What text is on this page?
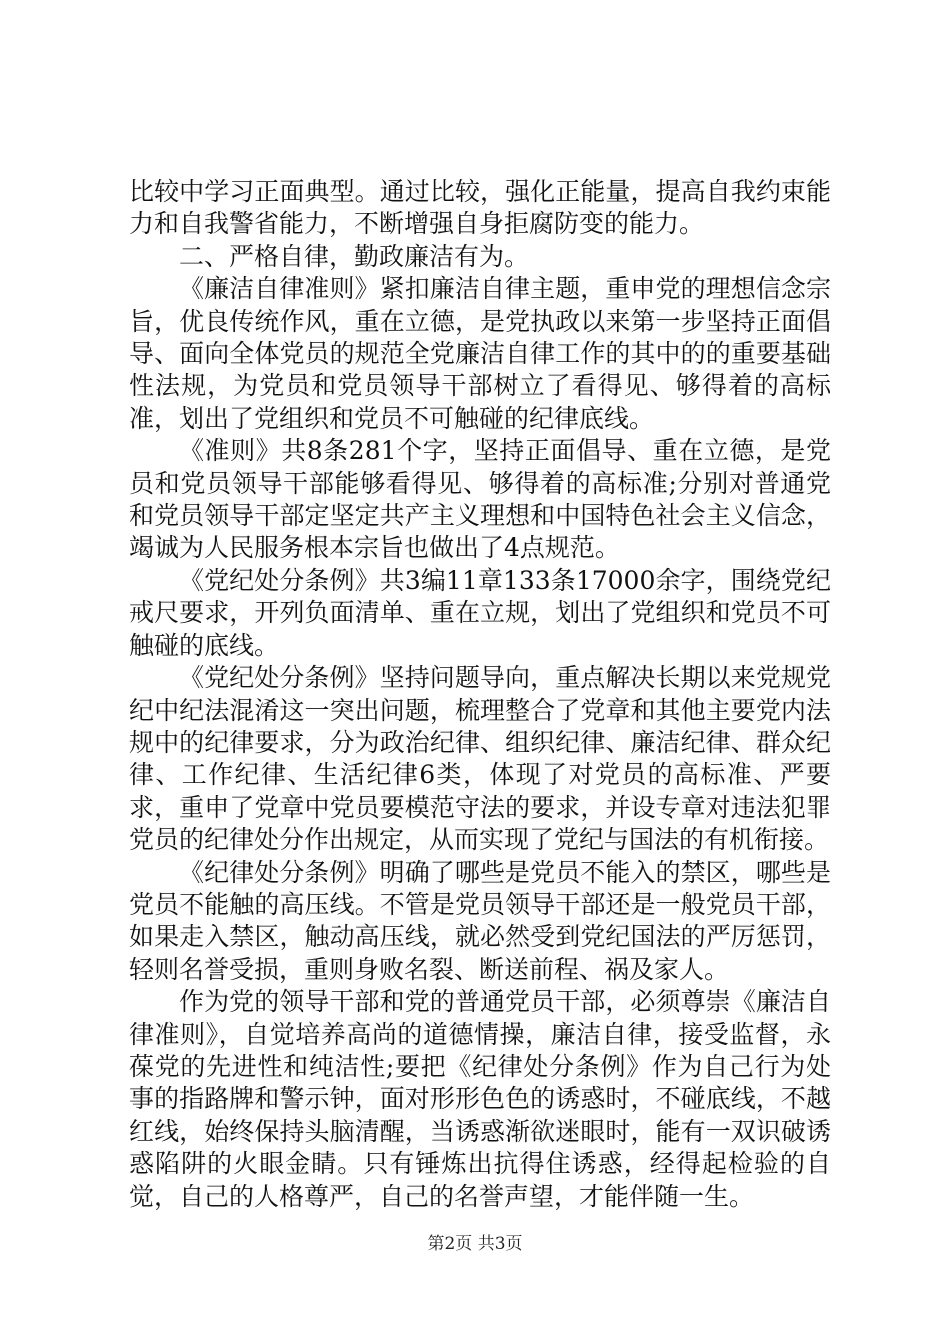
比较中学习正面典型。通过比较，强化正能量，提高自我约束能力和自我警省能力，不断增强自身拒腐防变的能力。

二、严格自律，勤政廉洁有为。

《廉洁自律准则》紧扣廉洁自律主题，重申党的理想信念宗旨，优良传统作风，重在立德，是党执政以来第一步坚持正面倡导、面向全体党员的规范全党廉洁自律工作的其中的的重要基础性法规，为党员和党员领导干部树立了看得见、够得着的高标准，划出了党组织和党员不可触碰的纪律底线。

《准则》共8条281个字，坚持正面倡导、重在立德，是党员和党员领导干部能够看得见、够得着的高标准;分别对普通党和党员领导干部定坚定共产主义理想和中国特色社会主义信念，竭诚为人民服务根本宗旨也做出了4点规范。

《党纪处分条例》共3编11章133条17000余字，围绕党纪戒尺要求，开列负面清单、重在立规，划出了党组织和党员不可触碰的底线。

《党纪处分条例》坚持问题导向，重点解决长期以来党规党纪中纪法混淆这一突出问题，梳理整合了党章和其他主要党内法规中的纪律要求，分为政治纪律、组织纪律、廉洁纪律、群众纪律、工作纪律、生活纪律6类，体现了对党员的高标准、严要求，重申了党章中党员要模范守法的要求，并设专章对违法犯罪党员的纪律处分作出规定，从而实现了党纪与国法的有机衔接。

《纪律处分条例》明确了哪些是党员不能入的禁区，哪些是党员不能触的高压线。不管是党员领导干部还是一般党员干部，如果走入禁区，触动高压线，就必然受到党纪国法的严厉惩罚，轻则名誉受损，重则身败名裂、断送前程、祸及家人。

作为党的领导干部和党的普通党员干部，必须尊崇《廉洁自律准则》，自觉培养高尚的道德情操，廉洁自律，接受监督，永葆党的先进性和纯洁性;要把《纪律处分条例》作为自己行为处事的指路牌和警示钟，面对形形色色的诱惑时，不碰底线，不越红线，始终保持头脑清醒，当诱惑渐欲迷眼时，能有一双识破诱惑陷阱的火眼金睛。只有锤炼出抗得住诱惑，经得起检验的自觉，自己的人格尊严，自己的名誉声望，才能伴随一生。

第2页 共3页
